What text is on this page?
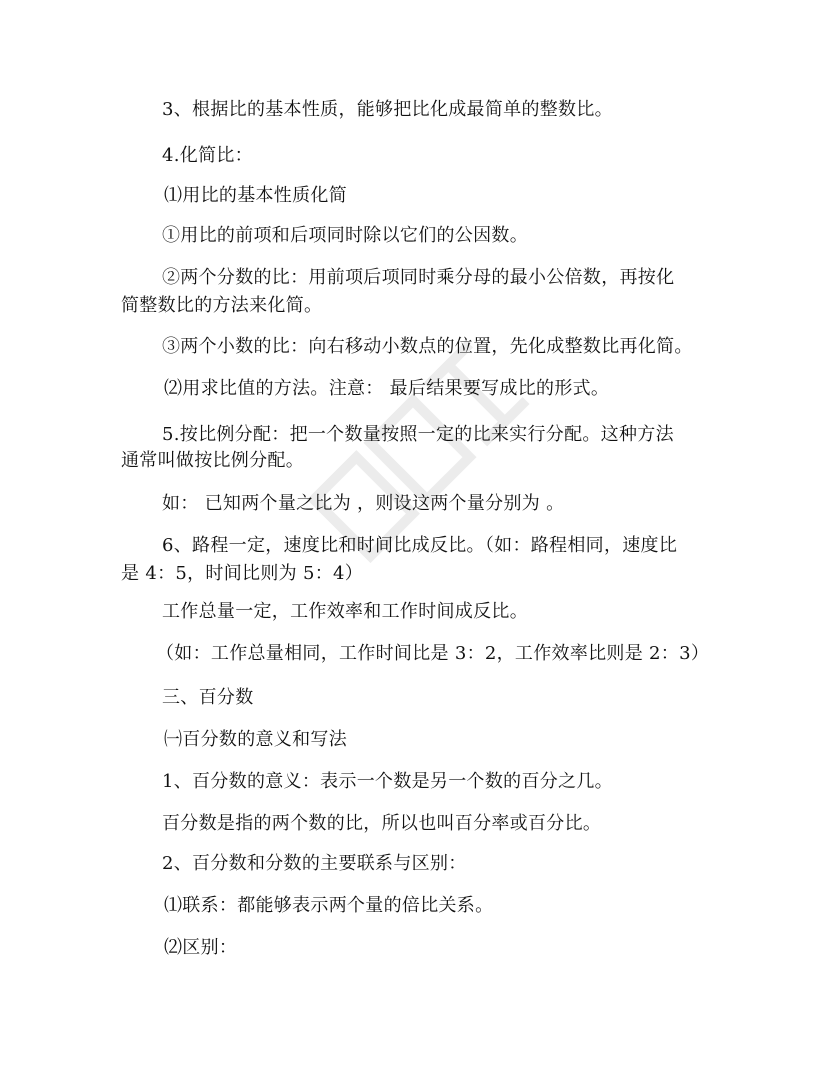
3、根据比的基本性质，能够把比化成最简单的整数比。
4.化简比：
⑴用比的基本性质化简
①用比的前项和后项同时除以它们的公因数。
②两个分数的比：用前项后项同时乘分母的最小公倍数，再按化
简整数比的方法来化简。
③两个小数的比：向右移动小数点的位置，先化成整数比再化简。
⑵用求比值的方法。注意： 最后结果要写成比的形式。
5.按比例分配：把一个数量按照一定的比来实行分配。这种方法
通常叫做按比例分配。
如： 已知两个量之比为 ，则设这两个量分别为 。
6、路程一定，速度比和时间比成反比。（如：路程相同，速度比
是 4：5，时间比则为 5：4）
工作总量一定，工作效率和工作时间成反比。
（如：工作总量相同，工作时间比是 3：2，工作效率比则是 2：3）
三、百分数
㈠百分数的意义和写法
1、百分数的意义：表示一个数是另一个数的百分之几。
百分数是指的两个数的比，所以也叫百分率或百分比。
2、百分数和分数的主要联系与区别：
⑴联系：都能够表示两个量的倍比关系。
⑵区别：
